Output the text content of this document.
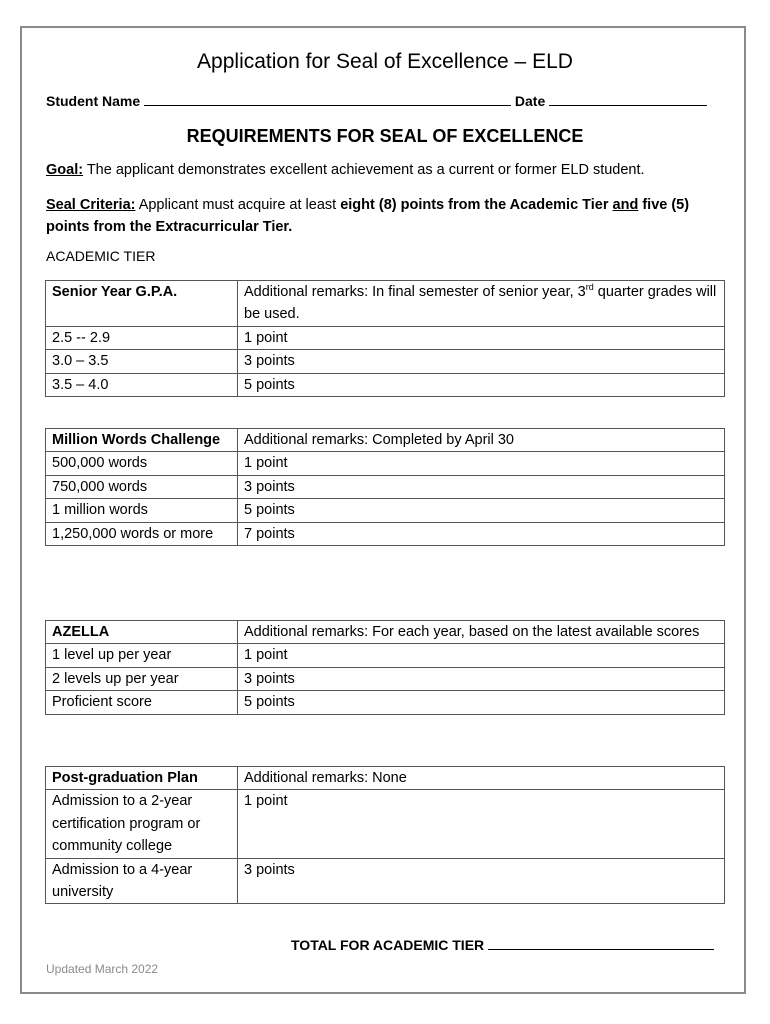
Application for Seal of Excellence – ELD
Student Name	Date
REQUIREMENTS FOR SEAL OF EXCELLENCE

Goal: The applicant demonstrates excellent achievement as a current or former ELD student.

Seal Criteria: Applicant must acquire at least eight (8) points from the Academic Tier and five (5) points from the Extracurricular Tier.

ACADEMIC TIER

Senior Year G.P.A.	Additional remarks: In final semester of senior year, 3rd quarter grades will be used.
2.5 -- 2.9	1 point
3.0 – 3.5	3 points
3.5 – 4.0	5 points
Million Words Challenge	Additional remarks: Completed by April 30
500,000 words	1 point
750,000 words	3 points
1 million words	5 points
1,250,000 words or more	7 points
AZELLA	Additional remarks: For each year, based on the latest available scores
1 level up per year	1 point
2 levels up per year	3 points
Proficient score	5 points
Post-graduation Plan	Additional remarks: None
Admission to a 2-year certification program or community college	1 point
Admission to a 4-year university	3 points
TOTAL FOR ACADEMIC TIER
Updated March 2022
